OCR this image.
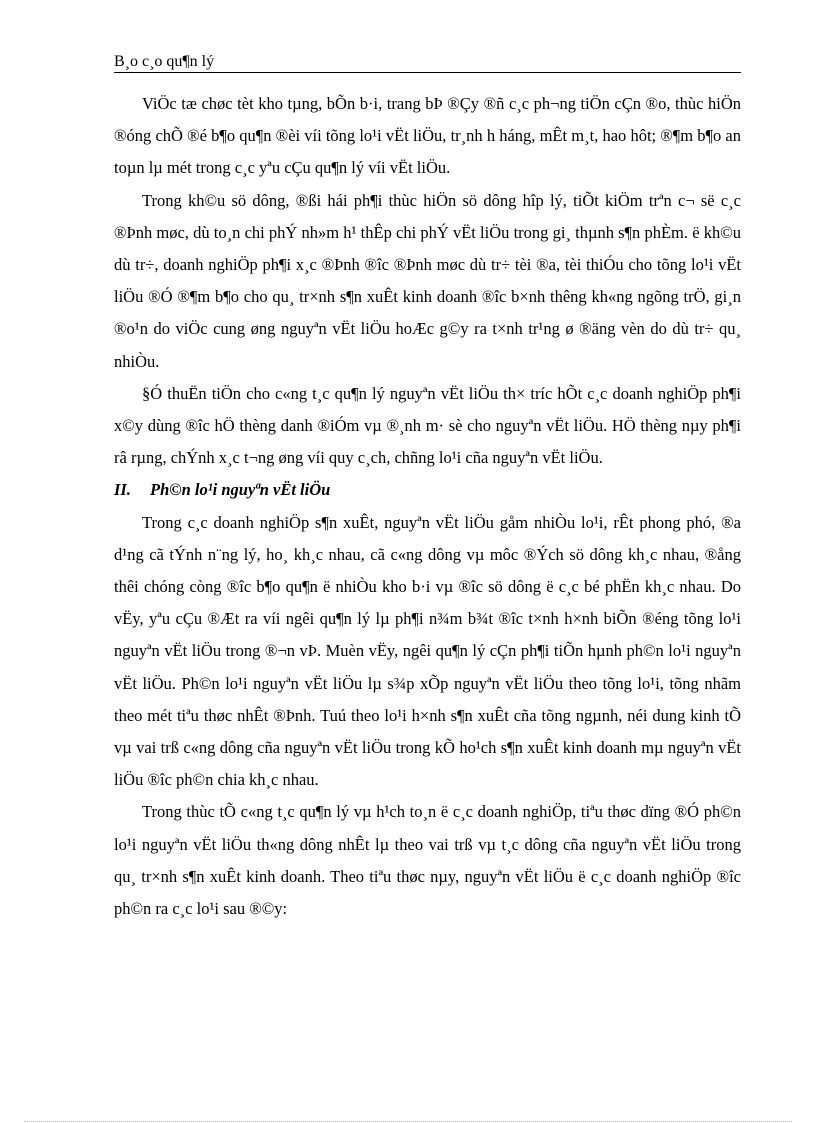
B¸o c¸o qu¶n lý

ViÖc tæ chøc tèt kho tµng, bÕn b·i, trang bÞ ®Çy ®ñ c¸c ph¬ng tiÖn cÇn ®o, thùc hiÖn ®óng chÕ ®é b¶o qu¶n ®èi víi tõng lo¹i vËt liÖu, tr¸nh h háng, mÊt m¸t, hao hôt; ®¶m b¶o an toµn lµ mét trong c¸c yªu cÇu qu¶n lý víi vËt liÖu.

Trong kh©u sö dông, ®ßi hái ph¶i thùc hiÖn sö dông hîp lý, tiÕt kiÖm trªn c¬ së c¸c ®Þnh møc, dù to¸n chi phÝ nh»m h¹ thÊp chi phÝ vËt liÖu trong gi¸ thµnh s¶n phÈm. ë kh©u dù tr÷, doanh nghiÖp ph¶i x¸c ®Þnh ®îc ®Þnh møc dù tr÷ tèi ®a, tèi thiÓu cho tõng lo¹i vËt liÖu ®Ó ®¶m b¶o cho qu¸ tr×nh s¶n xuÊt kinh doanh ®îc b×nh thêng kh«ng ngõng trÖ, gi¸n ®o¹n do viÖc cung øng nguyªn vËt liÖu hoÆc g©y ra t×nh tr¹ng ø ®äng vèn do dù tr÷ qu¸ nhiÒu.

§Ó thuËn tiÖn cho c«ng t¸c qu¶n lý nguyªn vËt liÖu th× tríc hÕt c¸c doanh nghiÖp ph¶i x©y dùng ®îc hÖ thèng danh ®iÓm vµ ®¸nh m· sè cho nguyªn vËt liÖu. HÖ thèng nµy ph¶i râ rµng, chÝnh x¸c t¬ng øng víi quy c¸ch, chñng lo¹i cña nguyªn vËt liÖu.

II. Ph©n lo¹i nguyªn vËt liÖu

Trong c¸c doanh nghiÖp s¶n xuÊt, nguyªn vËt liÖu gåm nhiÒu lo¹i, rÊt phong phó, ®a d¹ng cã tÝnh n¨ng lý, ho¸ kh¸c nhau, cã c«ng dông vµ môc ®Ých sö dông kh¸c nhau, ®ång thêi chóng còng ®îc b¶o qu¶n ë nhiÒu kho b·i vµ ®îc sö dông ë c¸c bé phËn kh¸c nhau. Do vËy, yªu cÇu ®Æt ra víi ngêi qu¶n lý lµ ph¶i n¾m b¾t ®îc t×nh h×nh biÕn ®éng tõng lo¹i nguyªn vËt liÖu trong ®¬n vÞ. Muèn vËy, ngêi qu¶n lý cÇn ph¶i tiÕn hµnh ph©n lo¹i nguyªn vËt liÖu. Ph©n lo¹i nguyªn vËt liÖu lµ s¾p xÕp nguyªn vËt liÖu theo tõng lo¹i, tõng nhãm theo mét tiªu thøc nhÊt ®Þnh. Tuú theo lo¹i h×nh s¶n xuÊt cña tõng ngµnh, néi dung kinh tÕ vµ vai trß c«ng dông cña nguyªn vËt liÖu trong kÕ ho¹ch s¶n xuÊt kinh doanh mµ nguyªn vËt liÖu ®îc ph©n chia kh¸c nhau.

Trong thùc tÕ c«ng t¸c qu¶n lý vµ h¹ch to¸n ë c¸c doanh nghiÖp, tiªu thøc dïng ®Ó ph©n lo¹i nguyªn vËt liÖu th«ng dông nhÊt lµ theo vai trß vµ t¸c dông cña nguyªn vËt liÖu trong qu¸ tr×nh s¶n xuÊt kinh doanh. Theo tiªu thøc nµy, nguyªn vËt liÖu ë c¸c doanh nghiÖp ®îc ph©n ra c¸c lo¹i sau ®©y:
